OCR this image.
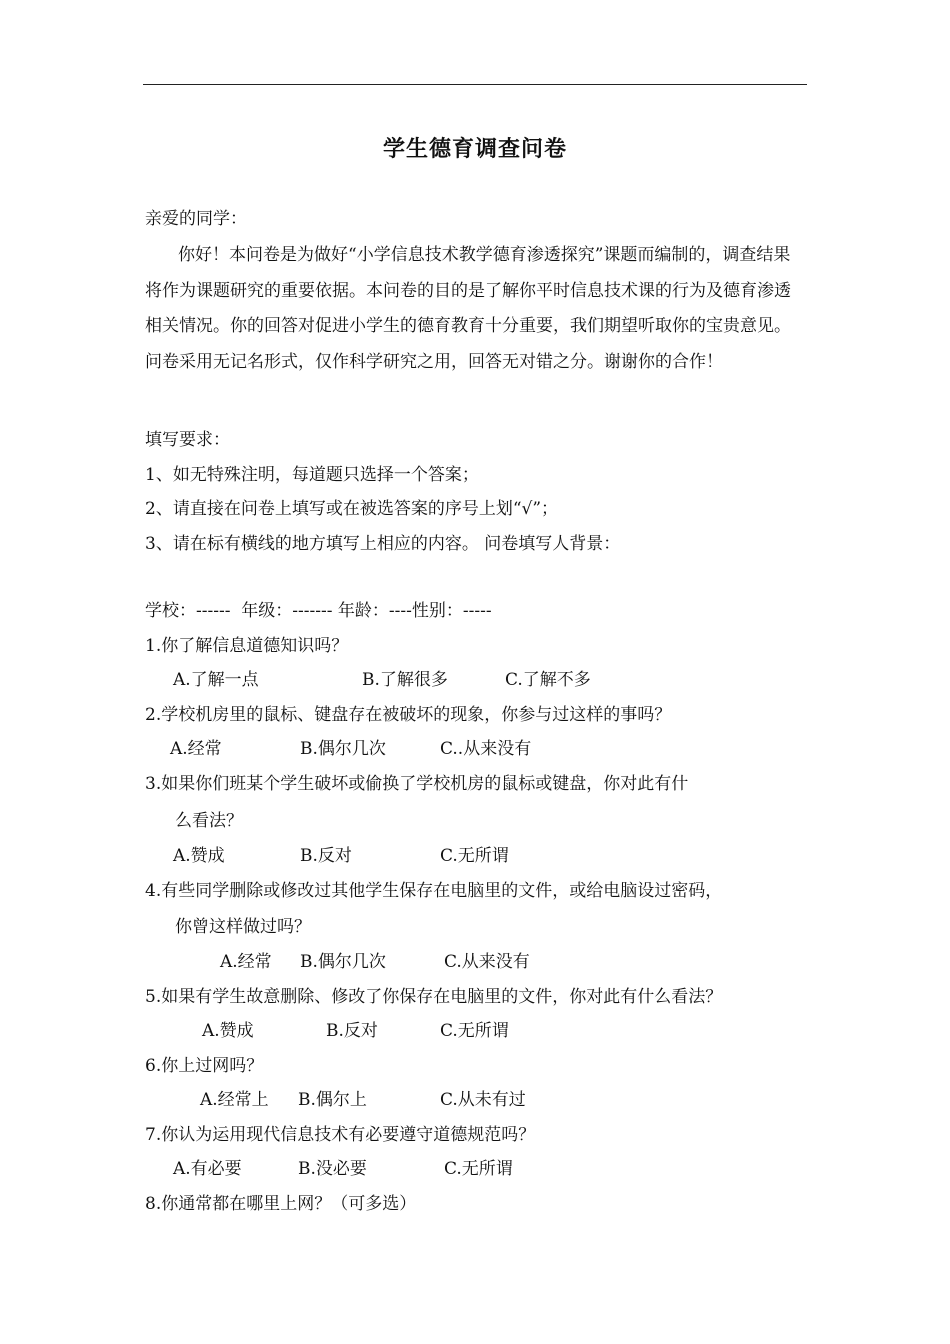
学生德育调查问卷
亲爱的同学：
你好！本问卷是为做好“小学信息技术教学德育渗透探究”课题而编制的，调查结果将作为课题研究的重要依据。本问卷的目的是了解你平时信息技术课的行为及德育渗透相关情况。你的回答对促进小学生的德育教育十分重要，我们期望听取你的宝贵意见。问卷采用无记名形式，仅作科学研究之用，回答无对错之分。谢谢你的合作！
填写要求：
1、如无特殊注明，每道题只选择一个答案；
2、请直接在问卷上填写或在被选答案的序号上划“√”；
3、请在标有横线的地方填写上相应的内容。 问卷填写人背景：
学校：------  年级：------- 年龄：----性别：-----
1.你了解信息道德知识吗？
A.了解一点	B.了解很多	C.了解不多
2.学校机房里的鼠标、键盘存在被破坏的现象，你参与过这样的事吗？
A.经常	B.偶尔几次	C..从来没有
3.如果你们班某个学生破坏或偷换了学校机房的鼠标或键盘，你对此有什
么看法？
A.赞成	B.反对	C.无所谓
4.有些同学删除或修改过其他学生保存在电脑里的文件，或给电脑设过密码，
你曾这样做过吗？
A.经常 B.偶尔几次	C.从来没有
5.如果有学生故意删除、修改了你保存在电脑里的文件，你对此有什么看法？
A.赞成	B.反对	C.无所谓
6.你上过网吗？
A.经常上 B.偶尔上	C.从未有过
7.你认为运用现代信息技术有必要遵守道德规范吗？
A.有必要	B.没必要	C.无所谓
8.你通常都在哪里上网？（可多选）
